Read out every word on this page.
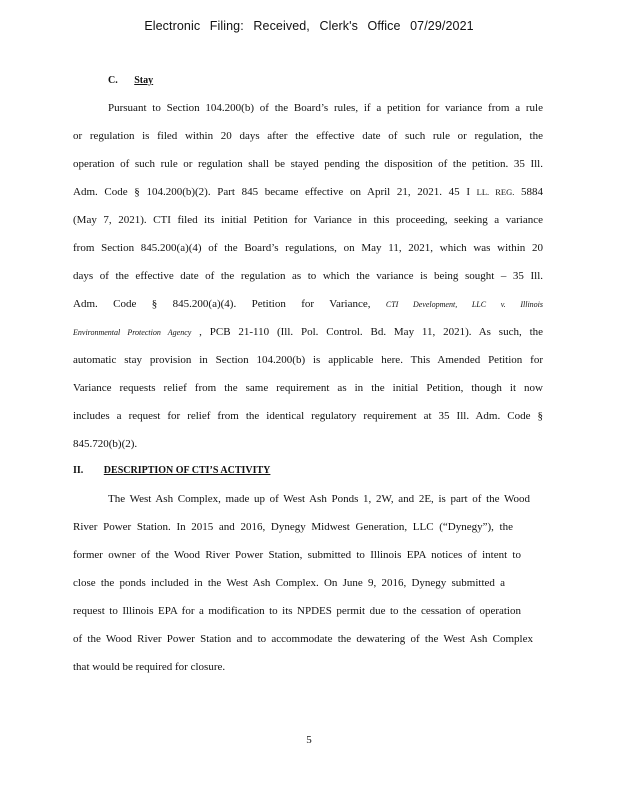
Electronic Filing: Received, Clerk's Office 07/29/2021
C. Stay
Pursuant to Section 104.200(b) of the Board’s rules, if a petition for variance from a rule
or regulation is filed within 20 days after the effective date of such rule or regulation, the
operation of such rule or regulation shall be stayed pending the disposition of the petition. 35 Ill.
Adm. Code § 104.200(b)(2). Part 845 became effective on April 21, 2021. 45 I LL. REG. 5884
(May 7, 2021). CTI filed its initial Petition for Variance in this proceeding, seeking a variance
from Section 845.200(a)(4) of the Board’s regulations, on May 11, 2021, which was within 20
days of the effective date of the regulation as to which the variance is being sought – 35 Ill.
Adm. Code § 845.200(a)(4). Petition for Variance, CTI Development, LLC v. Illinois
Environmental Protection Agency , PCB 21-110 (Ill. Pol. Control. Bd. May 11, 2021). As such, the
automatic stay provision in Section 104.200(b) is applicable here. This Amended Petition for
Variance requests relief from the same requirement as in the initial Petition, though it now
includes a request for relief from the identical regulatory requirement at 35 Ill. Adm. Code §
845.720(b)(2).
II. DESCRIPTION OF CTI’S ACTIVITY
The West Ash Complex, made up of West Ash Ponds 1, 2W, and 2E, is part of the Wood
River Power Station. In 2015 and 2016, Dynegy Midwest Generation, LLC (“Dynegy”), the
former owner of the Wood River Power Station, submitted to Illinois EPA notices of intent to
close the ponds included in the West Ash Complex. On June 9, 2016, Dynegy submitted a
request to Illinois EPA for a modification to its NPDES permit due to the cessation of operation
of the Wood River Power Station and to accommodate the dewatering of the West Ash Complex
that would be required for closure.
5
